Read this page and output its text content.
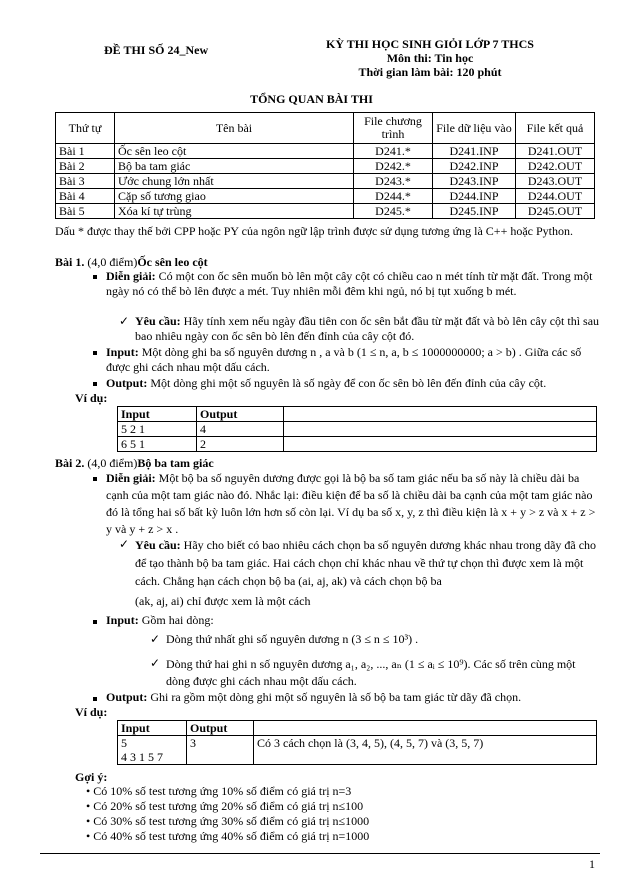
ĐỀ THI SỐ 24_New	KỲ THI HỌC SINH GIỎI LỚP 7 THCS
Môn thi: Tin học
Thời gian làm bài: 120 phút
TỔNG QUAN BÀI THI
Thứ tự	Tên bài	File chương trình	File dữ liệu vào	File kết quả
Bài 1	Ốc sên leo cột	D241.*	D241.INP	D241.OUT
Bài 2	Bộ ba tam giác	D242.*	D242.INP	D242.OUT
Bài 3	Ước chung lớn nhất	D243.*	D243.INP	D243.OUT
Bài 4	Cặp số tương giao	D244.*	D244.INP	D244.OUT
Bài 5	Xóa kí tự trùng	D245.*	D245.INP	D245.OUT
Dấu * được thay thế bởi CPP hoặc PY của ngôn ngữ lập trình được sử dụng tương ứng là C++ hoặc Python.
Bài 1. (4,0 điểm)Ốc sên leo cột
Diễn giải: Có một con ốc sên muốn bò lên một cây cột có chiều cao n mét tính từ mặt đất. Trong một ngày nó có thể bò lên được a mét. Tuy nhiên mỗi đêm khi ngủ, nó bị tụt xuống b mét.
✓ Yêu cầu: Hãy tính xem nếu ngày đầu tiên con ốc sên bắt đầu từ mặt đất và bò lên cây cột thì sau bao nhiêu ngày con ốc sên bò lên đến đỉnh của cây cột đó.
Input: Một dòng ghi ba số nguyên dương n , a và b (1 ≤ n, a, b ≤ 1000000000; a > b) . Giữa các số được ghi cách nhau một dấu cách.
Output: Một dòng ghi một số nguyên là số ngày để con ốc sên bò lên đến đỉnh của cây cột.
Ví dụ:
Input	Output	
5 2 1	4	
6 5 1	2	
Bài 2. (4,0 điểm)Bộ ba tam giác
Diễn giải: Một bộ ba số nguyên dương được gọi là bộ ba số tam giác nếu ba số này là chiều dài ba cạnh của một tam giác nào đó. Nhắc lại: điều kiện để ba số là chiều dài ba cạnh của một tam giác nào đó là tổng hai số bất kỳ luôn lớn hơn số còn lại. Ví dụ ba số x, y, z thì điều kiện là x + y > z và x + z > y và y + z > x .
✓ Yêu cầu: Hãy cho biết có bao nhiêu cách chọn ba số nguyên dương khác nhau trong dãy đã cho để tạo thành bộ ba tam giác. Hai cách chọn chỉ khác nhau về thứ tự chọn thì được xem là một cách. Chẳng hạn cách chọn bộ ba (ai, aj, ak) và cách chọn bộ ba
(ak, aj, ai) chỉ được xem là một cách
Input: Gồm hai dòng:
✓ Dòng thứ nhất ghi số nguyên dương n (3 ≤ n ≤ 10³) .
✓ Dòng thứ hai ghi n số nguyên dương a₁, a₂, ..., aₙ (1 ≤ aᵢ ≤ 10⁹). Các số trên cùng một dòng được ghi cách nhau một dấu cách.
Output: Ghi ra gồm một dòng ghi một số nguyên là số bộ ba tam giác từ dãy đã chọn.
Ví dụ:
Input	Output	

5
4 3 1 5 7	3	Có 3 cách chọn là (3, 4, 5), (4, 5, 7) và (3, 5, 7)
Gợi ý:
• Có 10% số test tương ứng 10% số điểm có giá trị n=3
• Có 20% số test tương ứng 20% số điểm có giá trị n≤100
• Có 30% số test tương ứng 30% số điểm có giá trị n≤1000
• Có 40% số test tương ứng 40% số điểm có giá trị n=1000
1
